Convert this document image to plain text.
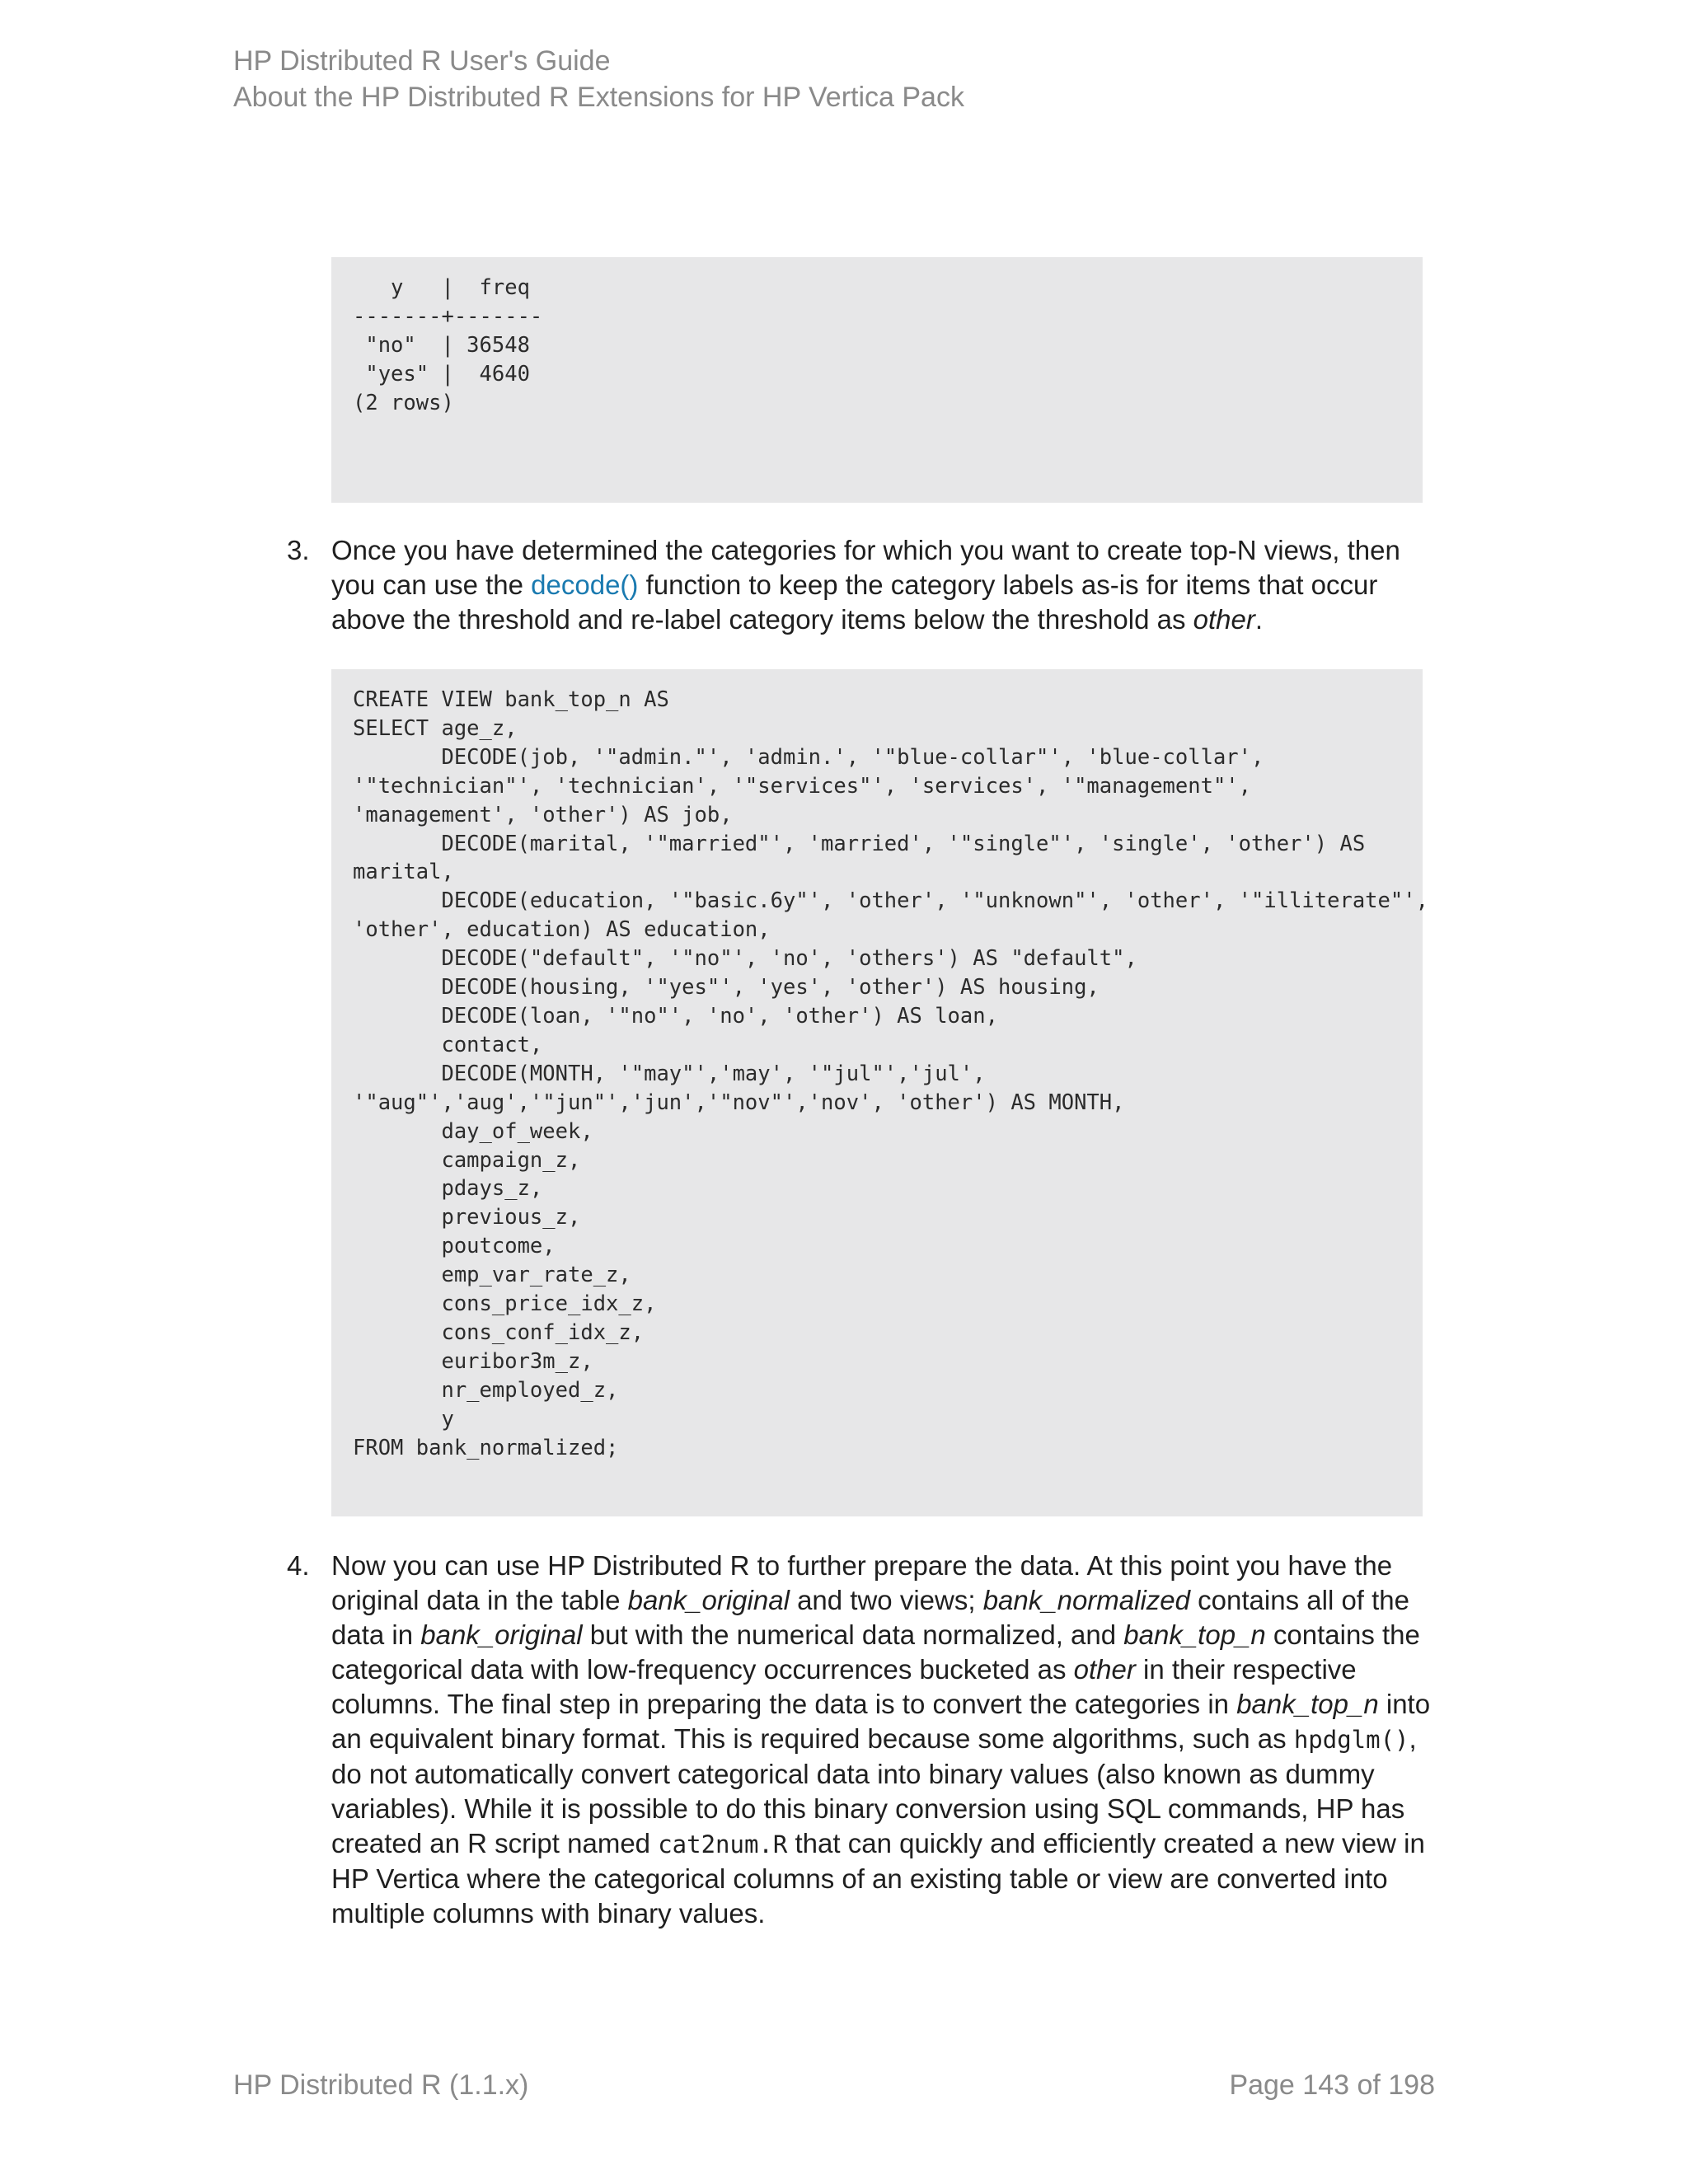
HP Distributed R User's Guide
About the HP Distributed R Extensions for HP Vertica Pack
y   |  freq
-------+-------
"no"  | 36548
"yes" |  4640
(2 rows)
3. Once you have determined the categories for which you want to create top-N views, then you can use the decode() function to keep the category labels as-is for items that occur above the threshold and re-label category items below the threshold as other.
CREATE VIEW bank_top_n AS
SELECT age_z,
DECODE(job, '"admin."', 'admin.', '"blue-collar"', 'blue-collar',
'"technician"', 'technician', '"services"', 'services', '"management"',
'management', 'other') AS job,
DECODE(marital, '"married"', 'married', '"single"', 'single', 'other') AS
marital,
DECODE(education, '"basic.6y"', 'other', '"unknown"', 'other', '"illiterate"',
'other', education) AS education,
DECODE("default", '"no"', 'no', 'others') AS "default",
DECODE(housing, '"yes"', 'yes', 'other') AS housing,
DECODE(loan, '"no"', 'no', 'other') AS loan,
contact,
DECODE(MONTH, '"may"','may', '"jul"','jul',
'"aug"','aug','"jun"','jun','"nov"','nov', 'other') AS MONTH,
day_of_week,
campaign_z,
pdays_z,
previous_z,
poutcome,
emp_var_rate_z,
cons_price_idx_z,
cons_conf_idx_z,
euribor3m_z,
nr_employed_z,
y
FROM bank_normalized;
4. Now you can use HP Distributed R to further prepare the data. At this point you have the original data in the table bank_original and two views; bank_normalized contains all of the data in bank_original but with the numerical data normalized, and bank_top_n contains the categorical data with low-frequency occurrences bucketed as other in their respective columns. The final step in preparing the data is to convert the categories in bank_top_n into an equivalent binary format. This is required because some algorithms, such as hpdglm(), do not automatically convert categorical data into binary values (also known as dummy variables). While it is possible to do this binary conversion using SQL commands, HP has created an R script named cat2num.R that can quickly and efficiently created a new view in HP Vertica where the categorical columns of an existing table or view are converted into multiple columns with binary values.
HP Distributed R (1.1.x)	Page 143 of 198
